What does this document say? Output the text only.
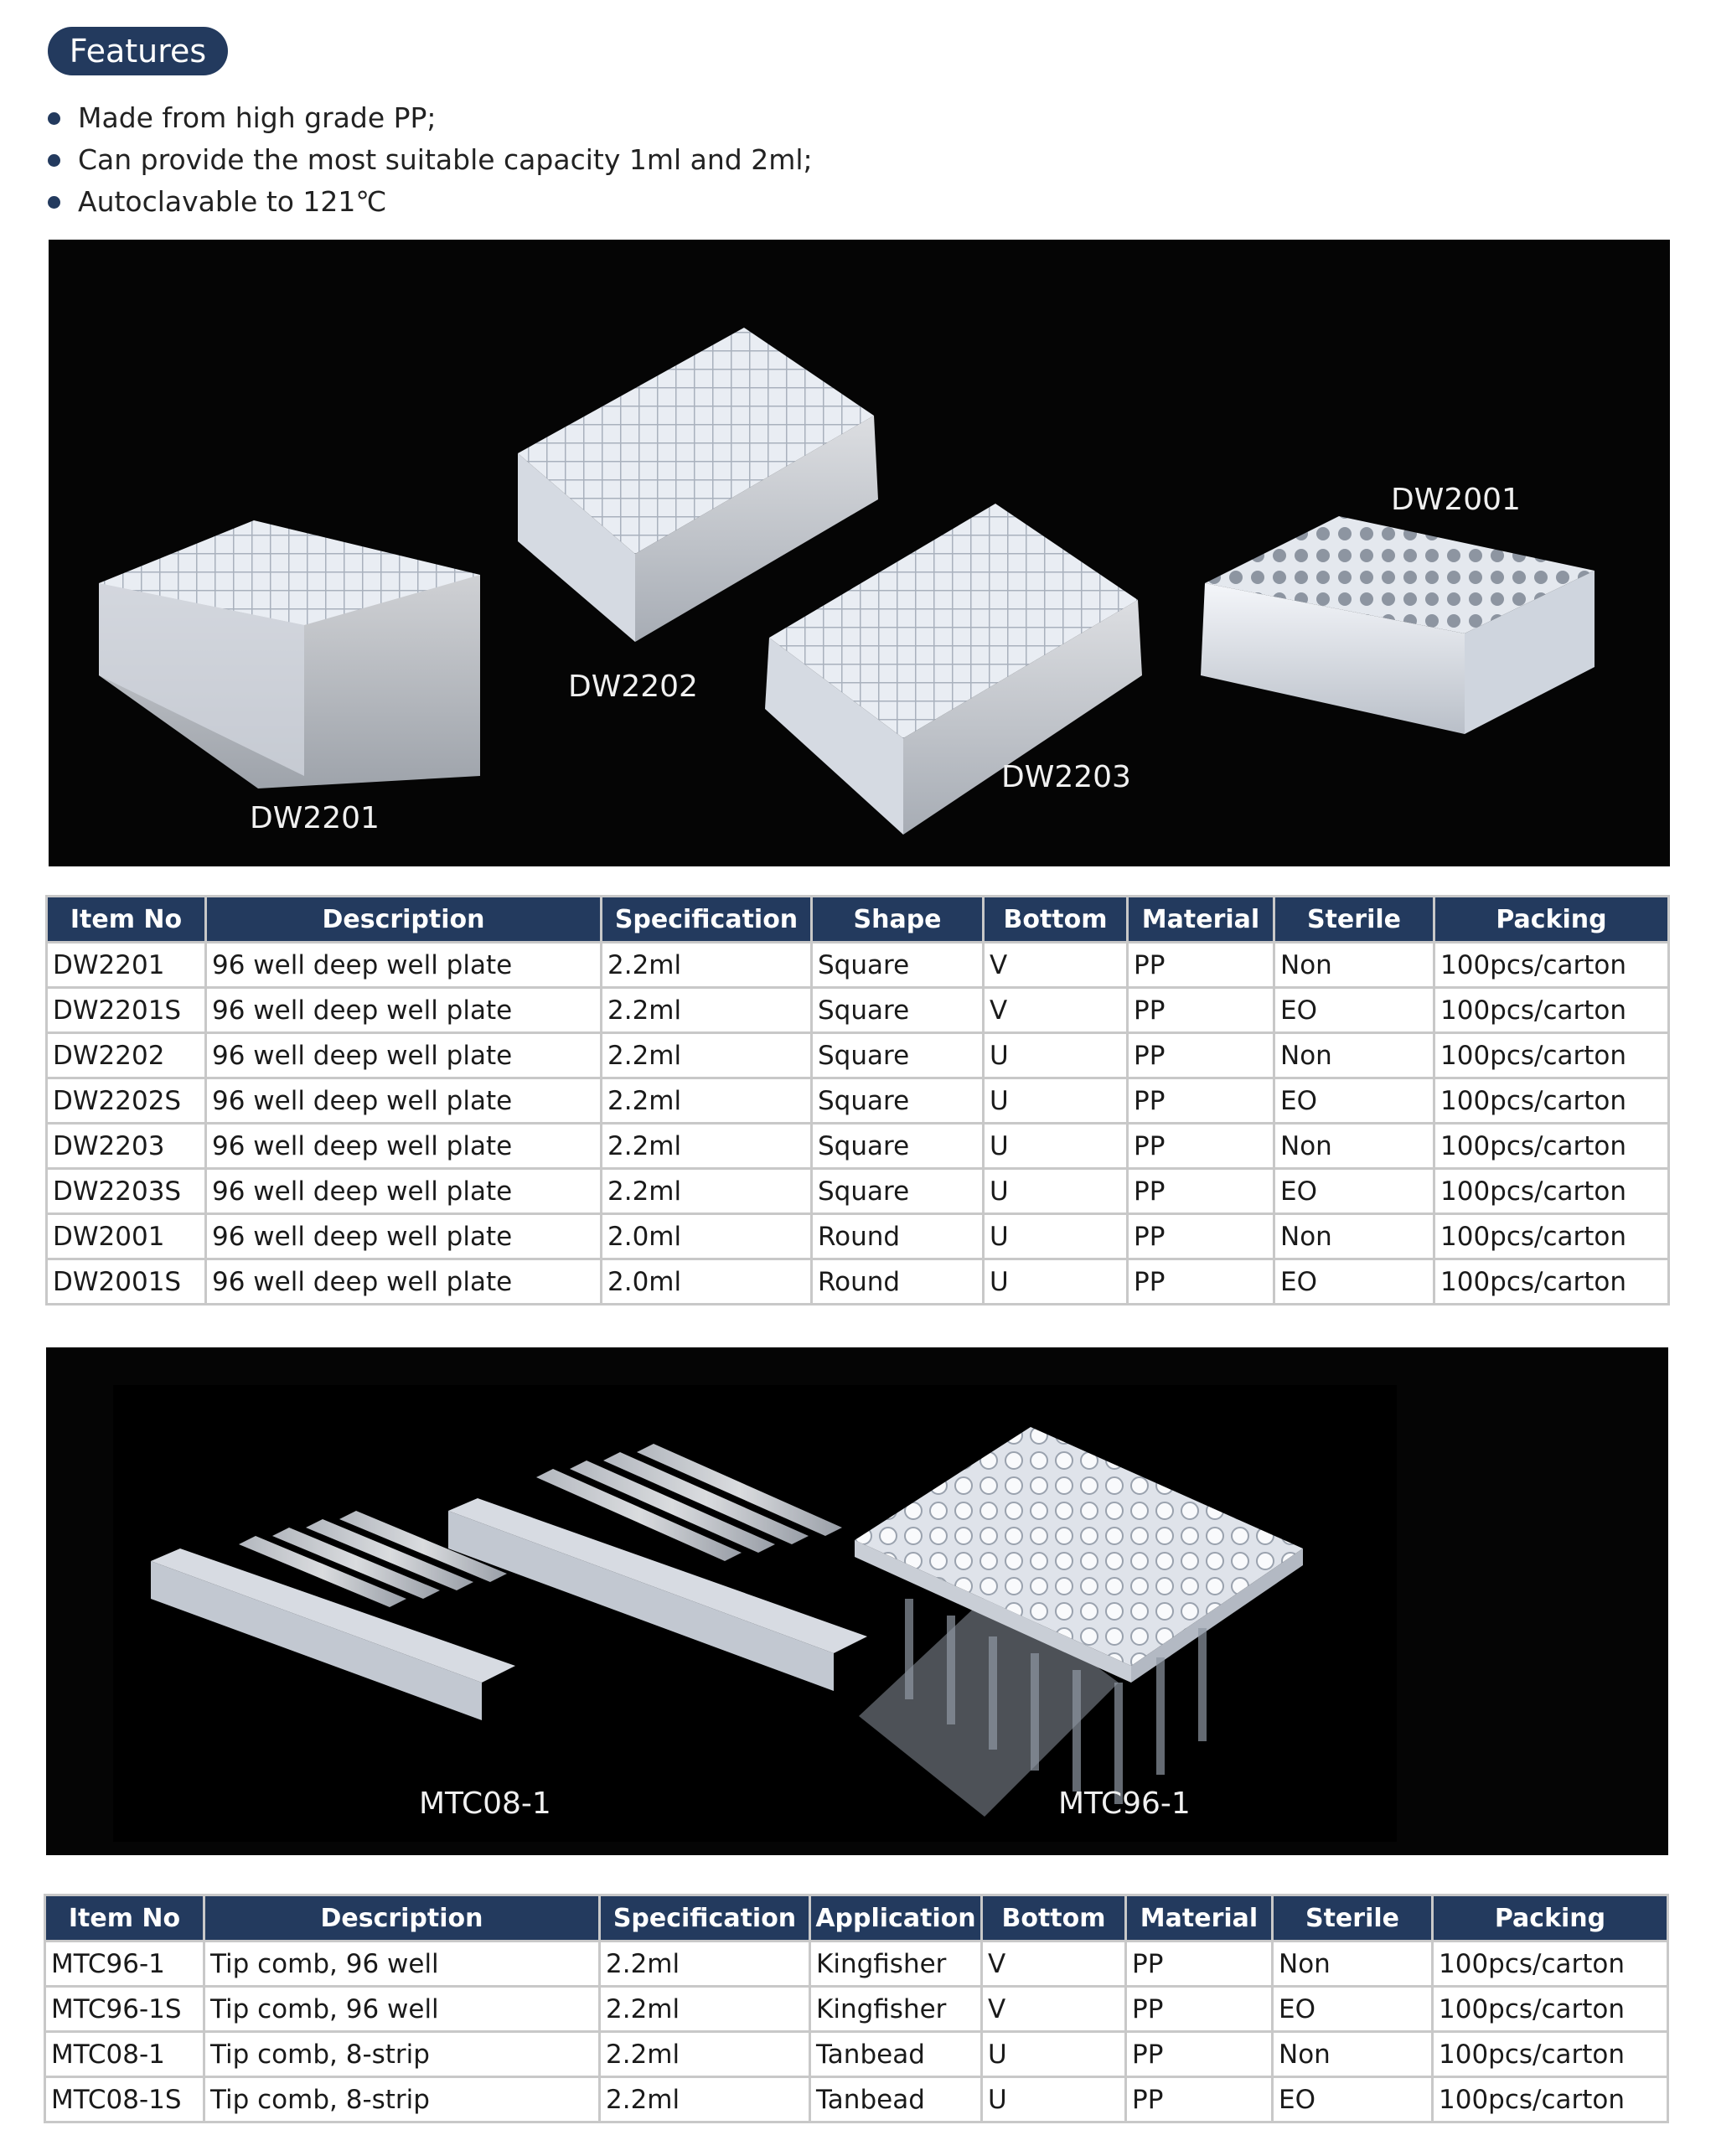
Features
Made from high grade PP;
Can provide the most suitable capacity 1ml and 2ml;
Autoclavable to 121℃
DW2201
DW2202
DW2203
DW2001
Item No	Description	Specification	Shape	Bottom	Material	Sterile	Packing
DW2201	96 well deep well plate	2.2ml	Square	V	PP	Non	100pcs/carton
DW2201S	96 well deep well plate	2.2ml	Square	V	PP	EO	100pcs/carton
DW2202	96 well deep well plate	2.2ml	Square	U	PP	Non	100pcs/carton
DW2202S	96 well deep well plate	2.2ml	Square	U	PP	EO	100pcs/carton
DW2203	96 well deep well plate	2.2ml	Square	U	PP	Non	100pcs/carton
DW2203S	96 well deep well plate	2.2ml	Square	U	PP	EO	100pcs/carton
DW2001	96 well deep well plate	2.0ml	Round	U	PP	Non	100pcs/carton
DW2001S	96 well deep well plate	2.0ml	Round	U	PP	EO	100pcs/carton
MTC08-1	MTC96-1
Item No	Description	Specification	Application	Bottom	Material	Sterile	Packing
MTC96-1	Tip comb, 96 well	2.2ml	Kingfisher	V	PP	Non	100pcs/carton
MTC96-1S	Tip comb, 96 well	2.2ml	Kingfisher	V	PP	EO	100pcs/carton
MTC08-1	Tip comb, 8-strip	2.2ml	Tanbead	U	PP	Non	100pcs/carton
MTC08-1S	Tip comb, 8-strip	2.2ml	Tanbead	U	PP	EO	100pcs/carton
